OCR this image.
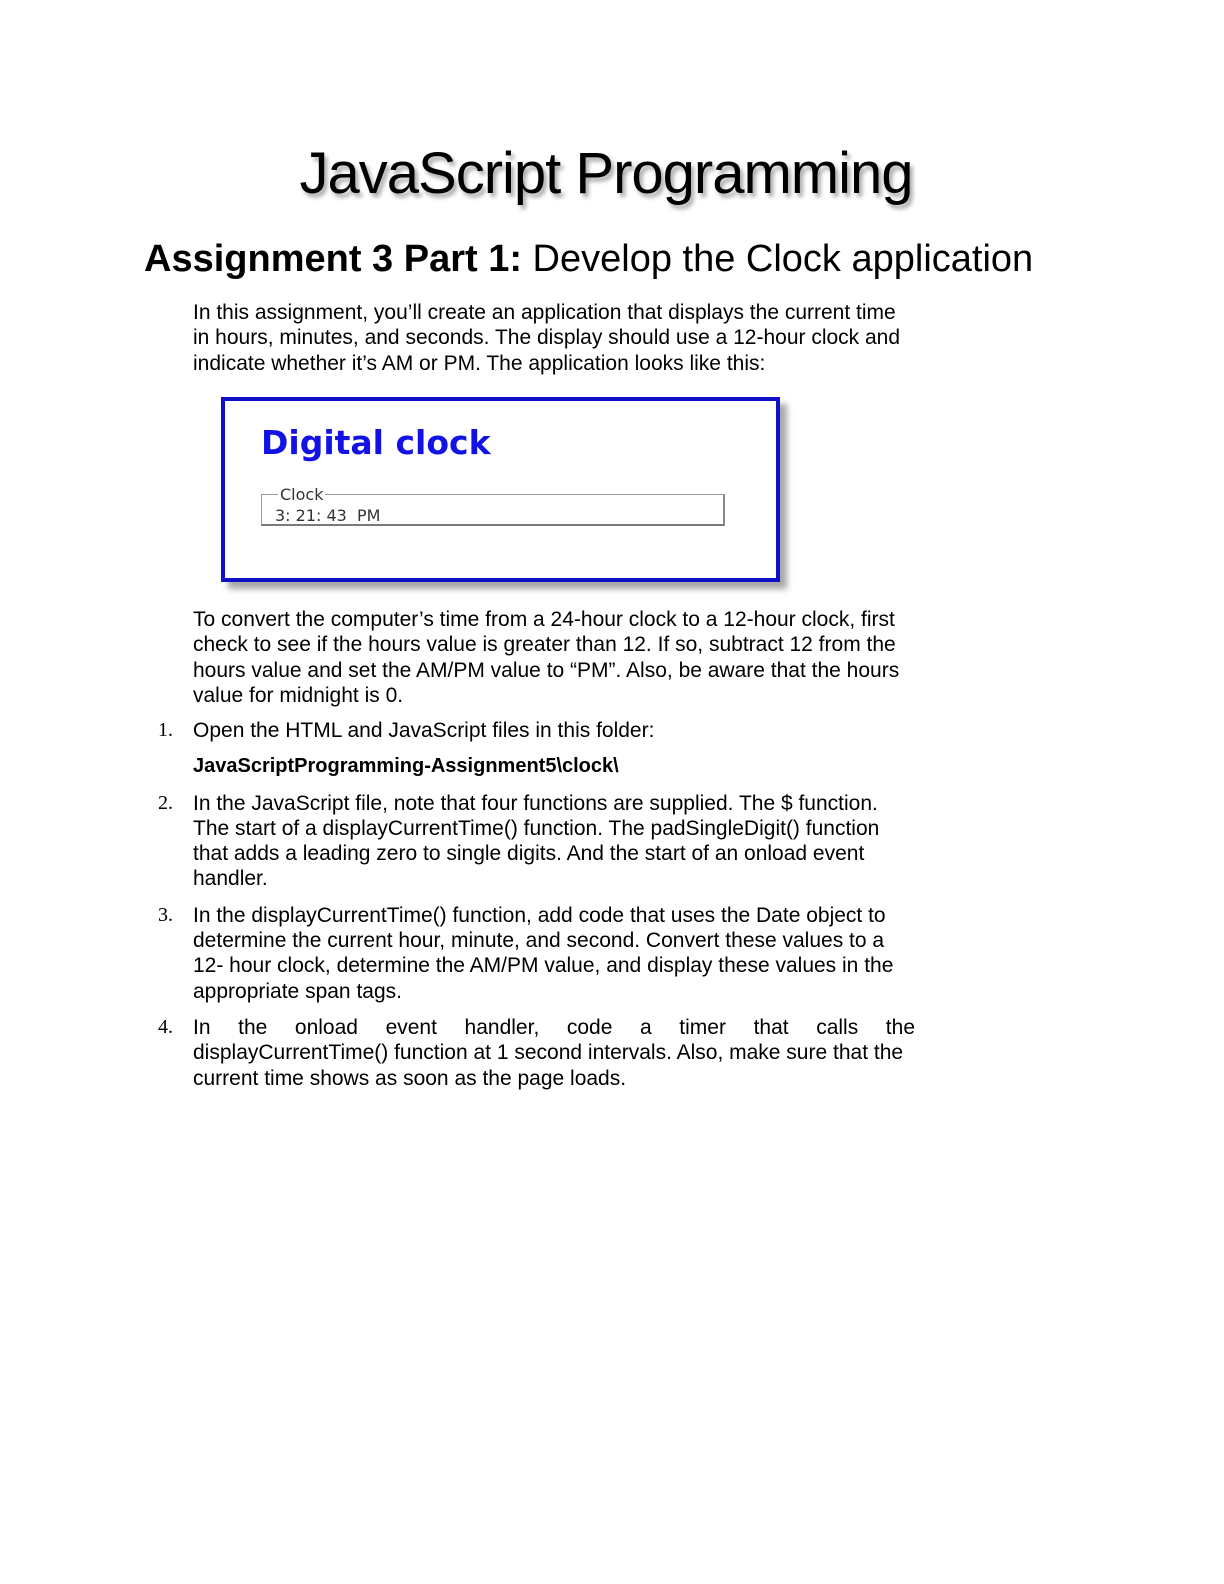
JavaScript Programming
Assignment 3 Part 1: Develop the Clock application

In this assignment, you’ll create an application that displays the current time in hours, minutes, and seconds. The display should use a 12-hour clock and indicate whether it’s AM or PM. The application looks like this:

Digital clock
Clock
3: 21: 43  PM

To convert the computer’s time from a 24-hour clock to a 12-hour clock, first check to see if the hours value is greater than 12. If so, subtract 12 from the hours value and set the AM/PM value to “PM”. Also, be aware that the hours value for midnight is 0.

1. Open the HTML and JavaScript files in this folder:
JavaScriptProgramming-Assignment5\clock\
2. In the JavaScript file, note that four functions are supplied. The $ function. The start of a displayCurrentTime() function. The padSingleDigit() function that adds a leading zero to single digits. And the start of an onload event handler.
3. In the displayCurrentTime() function, add code that uses the Date object to determine the current hour, minute, and second. Convert these values to a 12- hour clock, determine the AM/PM value, and display these values in the appropriate span tags.
4. In the onload event handler, code a timer that calls the
displayCurrentTime() function at 1 second intervals. Also, make sure that the current time shows as soon as the page loads.
